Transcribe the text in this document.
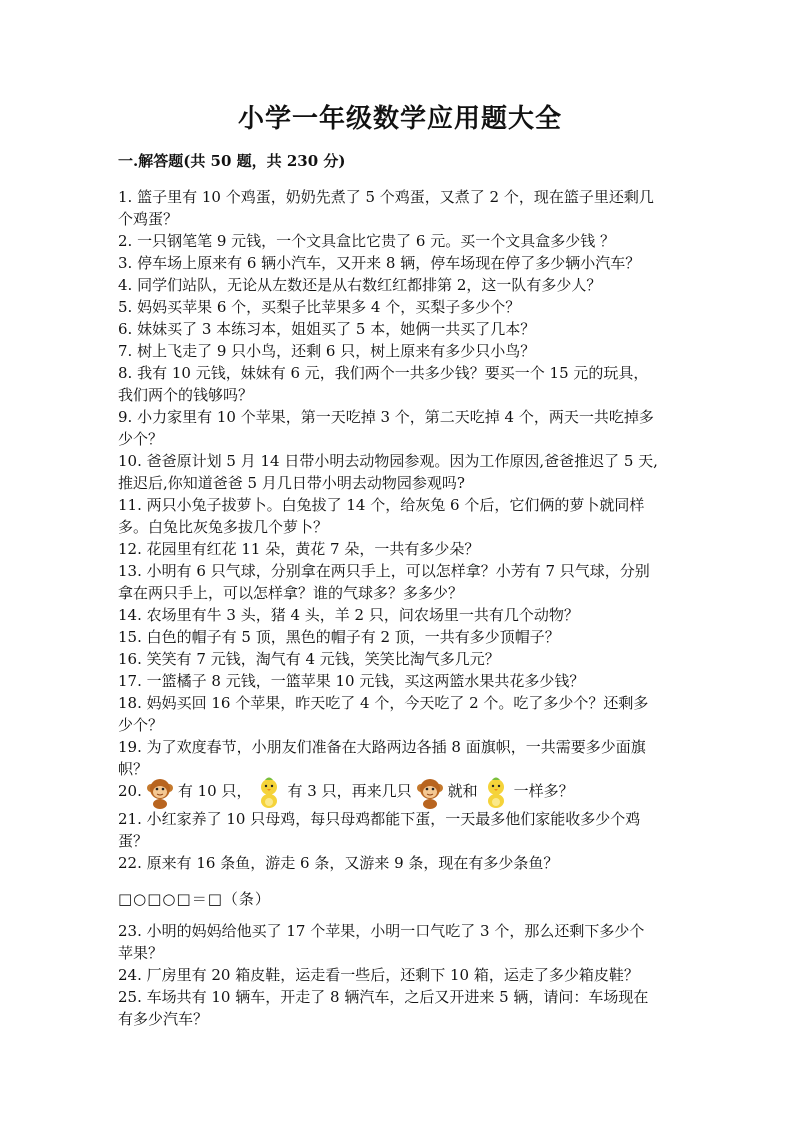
小学一年级数学应用题大全
一.解答题(共 50 题，共 230 分)
1. 篮子里有 10 个鸡蛋，奶奶先煮了 5 个鸡蛋，又煮了 2 个，现在篮子里还剩几
个鸡蛋？
2. 一只钢笔笔 9 元钱，一个文具盒比它贵了 6 元。买一个文具盒多少钱 ？
3. 停车场上原来有 6 辆小汽车，又开来 8 辆，停车场现在停了多少辆小汽车？
4. 同学们站队，无论从左数还是从右数红红都排第 2，这一队有多少人？
5. 妈妈买苹果 6 个，买梨子比苹果多 4 个，买梨子多少个？
6. 妹妹买了 3 本练习本，姐姐买了 5 本，她俩一共买了几本？
7. 树上飞走了 9 只小鸟，还剩 6 只，树上原来有多少只小鸟？
8. 我有 10 元钱，妹妹有 6 元，我们两个一共多少钱？要买一个 15 元的玩具，
我们两个的钱够吗？
9. 小力家里有 10 个苹果，第一天吃掉 3 个，第二天吃掉 4 个，两天一共吃掉多
少个？
10. 爸爸原计划 5 月 14 日带小明去动物园参观。因为工作原因,爸爸推迟了 5 天,
推迟后,你知道爸爸 5 月几日带小明去动物园参观吗?
11. 两只小兔子拔萝卜。白兔拔了 14 个，给灰兔 6 个后，它们俩的萝卜就同样
多。白兔比灰兔多拔几个萝卜？
12. 花园里有红花 11 朵，黄花 7 朵，一共有多少朵？
13. 小明有 6 只气球，分别拿在两只手上，可以怎样拿？小芳有 7 只气球，分别
拿在两只手上，可以怎样拿？谁的气球多？多多少？
14. 农场里有牛 3 头，猪 4 头，羊 2 只，问农场里一共有几个动物？
15. 白色的帽子有 5 顶，黑色的帽子有 2 顶，一共有多少顶帽子？
16. 笑笑有 7 元钱，淘气有 4 元钱，笑笑比淘气多几元？
17. 一篮橘子 8 元钱，一篮苹果 10 元钱，买这两篮水果共花多少钱？
18. 妈妈买回 16 个苹果，昨天吃了 4 个，今天吃了 2 个。吃了多少个？还剩多
少个？
19. 为了欢度春节，小朋友们准备在大路两边各插 8 面旗帜，一共需要多少面旗
帜？
20. 有 10 只， 有 3 只，再来几只 就和 一样多？
21. 小红家养了 10 只母鸡，每只母鸡都能下蛋，一天最多他们家能收多少个鸡
蛋？
22. 原来有 16 条鱼，游走 6 条，又游来 9 条，现在有多少条鱼？
□○□○□＝□（条）
23. 小明的妈妈给他买了 17 个苹果，小明一口气吃了 3 个，那么还剩下多少个
苹果？
24. 厂房里有 20 箱皮鞋，运走看一些后，还剩下 10 箱，运走了多少箱皮鞋？
25. 车场共有 10 辆车，开走了 8 辆汽车，之后又开进来 5 辆，请问：车场现在
有多少汽车？
